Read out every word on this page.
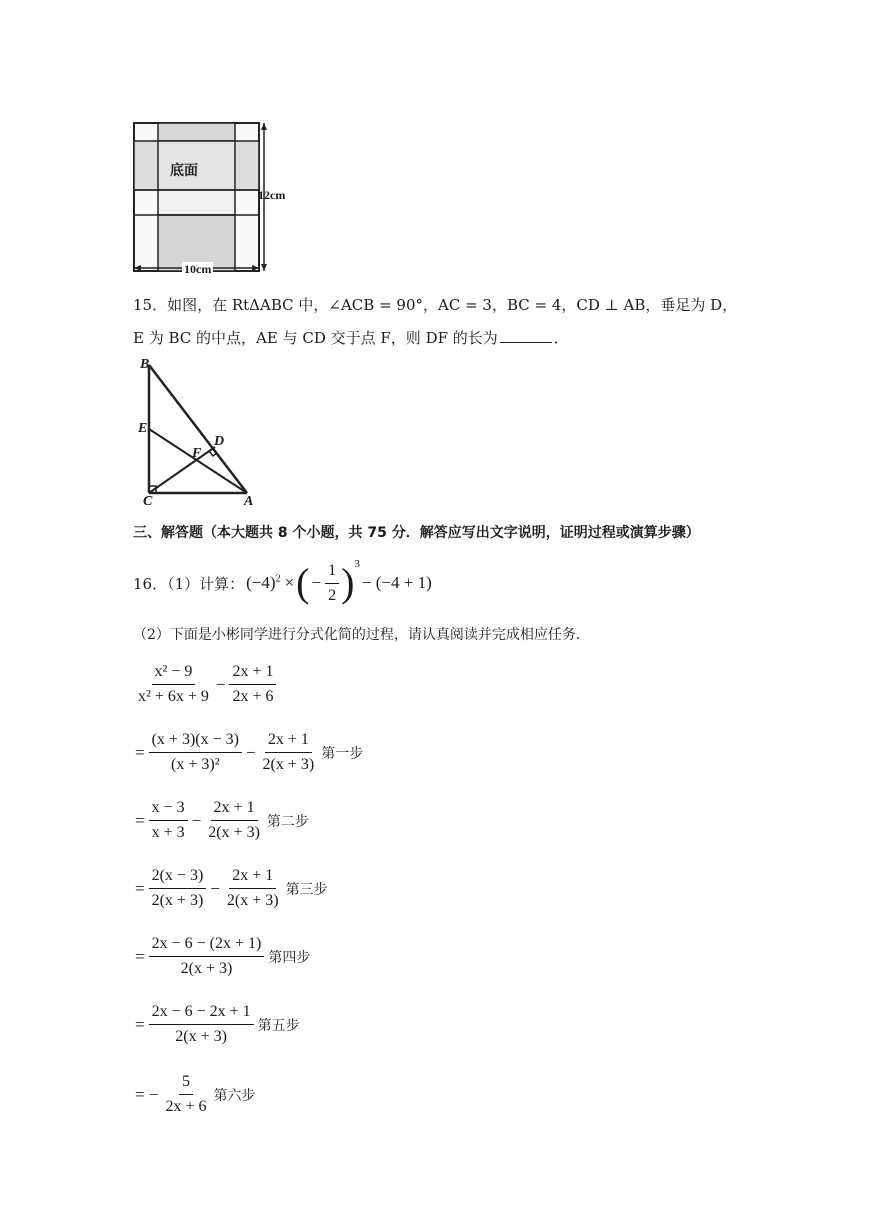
底面
12cm
10cm
15．如图，在 RtΔABC 中，∠ACB = 90°，AC = 3，BC = 4，CD ⊥ AB，垂足为 D，
E 为 BC 的中点，AE 与 CD 交于点 F，则 DF 的长为	．
B
E
D
F
C	A
三、解答题（本大题共 8 个小题，共 75 分．解答应写出文字说明，证明过程或演算步骤）
16．（1）计算： $(-4)^2$ × ( − $\frac{1}{2} )^3$
− (−4 + 1)
（2）下面是小彬同学进行分式化简的过程，请认真阅读并完成相应任务．
$\frac{\text{x² − 9}}{\text{x² + 6x + 9}} - \frac{2x + 1}{2x + 6}$
= $\frac{(x + 3)(x - 3)}{\text{(x + 3)²}} - \frac{2x + 1}{2(x + 3)}$ 第一步
= $\frac{x - 3}{x + 3} - \frac{2x + 1}{2(x + 3)}$ 第二步
= $\frac{2(x - 3)}{2(x + 3)} - \frac{2x + 1}{2(x + 3)}$ 第三步
= $\frac{2x - 6 - (2x + 1)}{2(x + 3)}$ 第四步
= $\frac{2x - 6 - 2x + 1}{2(x + 3)}$ 第五步
= − $\frac{5}{2x + 6}$ 第六步
